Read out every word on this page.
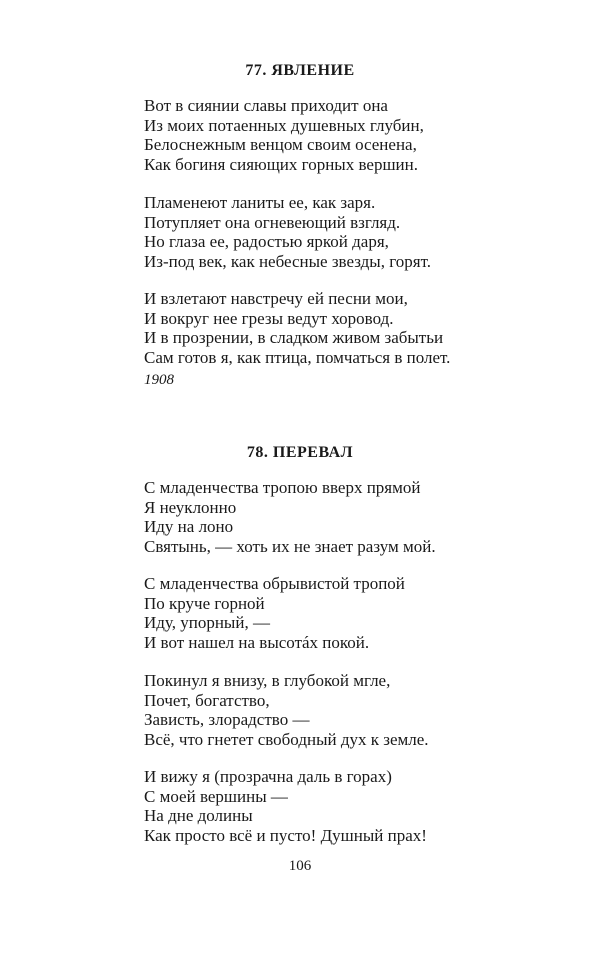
77. ЯВЛЕНИЕ
Вот в сиянии славы приходит она
Из моих потаенных душевных глубин,
Белоснежным венцом своим осенена,
Как богиня сияющих горных вершин.
Пламенеют ланиты ее, как заря.
Потупляет она огневеющий взгляд.
Но глаза ее, радостью яркой даря,
Из-под век, как небесные звезды, горят.
И взлетают навстречу ей песни мои,
И вокруг нее грезы ведут хоровод.
И в прозрении, в сладком живом забытьи
Сам готов я, как птица, помчаться в полет.
1908
78. ПЕРЕВАЛ
С младенчества тропою вверх прямой
Я неуклонно
Иду на лоно
Святынь, — хоть их не знает разум мой.
С младенчества обрывистой тропой
По круче горной
Иду, упорный, —
И вот нашел на высотáх покой.
Покинул я внизу, в глубокой мгле,
Почет, богатство,
Зависть, злорадство —
Всё, что гнетет свободный дух к земле.
И вижу я (прозрачна даль в горах)
С моей вершины —
На дне долины
Как просто всё и пусто! Душный прах!
106
